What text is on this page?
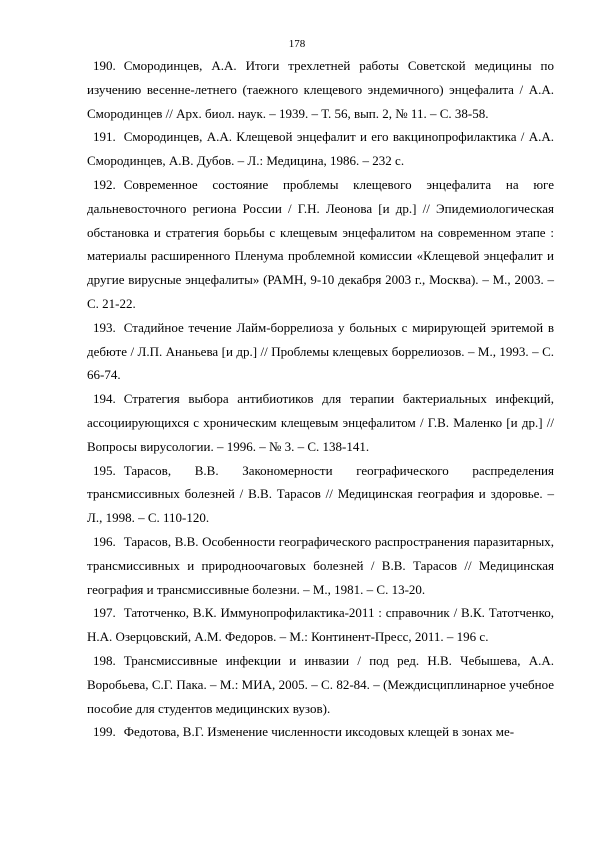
178

190. Смородинцев, А.А. Итоги трехлетней работы Советской медицины по изучению весенне-летнего (таежного клещевого эндемичного) энцефалита / А.А. Смородинцев // Арх. биол. наук. – 1939. – Т. 56, вып. 2, № 11. – С. 38-58.

191. Смородинцев, А.А. Клещевой энцефалит и его вакцинопрофилактика / А.А. Смородинцев, А.В. Дубов. – Л.: Медицина, 1986. – 232 с.

192. Современное состояние проблемы клещевого энцефалита на юге дальневосточного региона России / Г.Н. Леонова [и др.] // Эпидемиологическая обстановка и стратегия борьбы с клещевым энцефалитом на современном этапе : материалы расширенного Пленума проблемной комиссии «Клещевой энцефалит и другие вирусные энцефалиты» (РАМН, 9-10 декабря 2003 г., Москва). – М., 2003. – С. 21-22.

193. Стадийное течение Лайм-боррелиоза у больных с мирирующей эритемой в дебюте / Л.П. Ананьева [и др.] // Проблемы клещевых боррелиозов. – М., 1993. – С. 66-74.

194. Стратегия выбора антибиотиков для терапии бактериальных инфекций, ассоциирующихся с хроническим клещевым энцефалитом / Г.В. Маленко [и др.] // Вопросы вирусологии. – 1996. – № 3. – С. 138-141.

195. Тарасов, В.В. Закономерности географического распределения трансмиссивных болезней / В.В. Тарасов // Медицинская география и здоровье. – Л., 1998. – С. 110-120.

196. Тарасов, В.В. Особенности географического распространения паразитарных, трансмиссивных и природноочаговых болезней / В.В. Тарасов // Медицинская география и трансмиссивные болезни. – М., 1981. – С. 13-20.

197. Татотченко, В.К. Иммунопрофилактика-2011 : справочник / В.К. Татотченко, Н.А. Озерцовский, А.М. Федоров. – М.: Континент-Пресс, 2011. – 196 с.

198. Трансмиссивные инфекции и инвазии / под ред. Н.В. Чебышева, А.А. Воробьева, С.Г. Пака. – М.: МИА, 2005. – С. 82-84. – (Междисциплинарное учебное пособие для студентов медицинских вузов).

199. Федотова, В.Г. Изменение численности иксодовых клещей в зонах ме-
